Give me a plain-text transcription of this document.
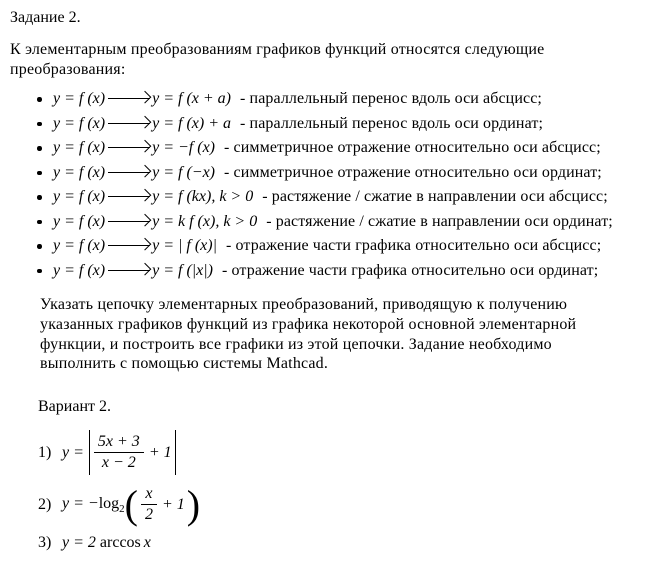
Задание 2.
К элементарным преобразованиям графиков функций относятся следующие
преобразования:
y = f (x)	y = f (x + a) - параллельный перенос вдоль оси абсцисс;
y = f (x)	y = f (x) + a - параллельный перенос вдоль оси ординат;
y = f (x)	y = −f (x) - симметричное отражение относительно оси абсцисс;
y = f (x)	y = f (−x) - симметричное отражение относительно оси ординат;
y = f (x)	y = f (kx), k > 0 - растяжение / сжатие в направлении оси абсцисс;
y = f (x)	y = k f (x), k > 0 - растяжение / сжатие в направлении оси ординат;
y = f (x)	y = | f (x)| - отражение части графика относительно оси абсцисс;
y = f (x)	y = f (|x|) - отражение части графика относительно оси ординат;
Указать цепочку элементарных преобразований, приводящую к получению
указанных графиков функций из графика некоторой основной элементарной
функции, и построить все графики из этой цепочки. Задание необходимо
выполнить с помощью системы Mathcad.
Вариант 2.
1) $y = \frac{5x + 3}{x - 2} + 1$
2) $y = -\log_2$ ( $\frac{x}{2} + 1$ )
3) y = 2 arccos x
